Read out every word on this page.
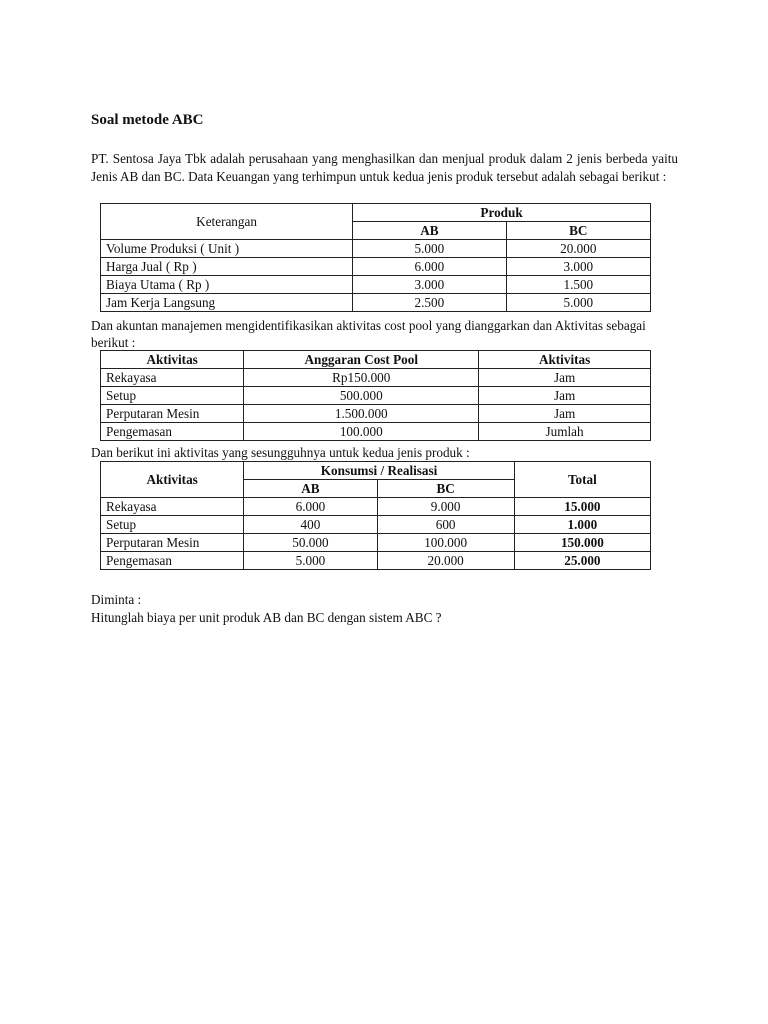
Soal metode ABC

PT. Sentosa Jaya Tbk adalah perusahaan yang menghasilkan dan menjual produk dalam 2 jenis berbeda yaitu Jenis AB dan BC. Data Keuangan yang terhimpun untuk kedua jenis produk tersebut adalah sebagai berikut :

Keterangan	Produk	
	AB	BC
Volume Produksi ( Unit )	5.000	20.000
Harga Jual ( Rp )	6.000	3.000
Biaya Utama ( Rp )	3.000	1.500
Jam Kerja Langsung	2.500	5.000

Dan akuntan manajemen mengidentifikasikan aktivitas cost pool yang dianggarkan dan Aktivitas sebagai berikut :

Aktivitas	Anggaran Cost Pool	Aktivitas
Rekayasa	Rp150.000	Jam
Setup	500.000	Jam
Perputaran Mesin	1.500.000	Jam
Pengemasan	100.000	Jumlah

Dan berikut ini aktivitas yang sesungguhnya untuk kedua jenis produk :

Aktivitas	Konsumsi / Realisasi		Total
	AB	BC	
Rekayasa	6.000	9.000	15.000
Setup	400	600	1.000
Perputaran Mesin	50.000	100.000	150.000
Pengemasan	5.000	20.000	25.000

Diminta :

Hitunglah biaya per unit produk AB dan BC dengan sistem ABC ?
